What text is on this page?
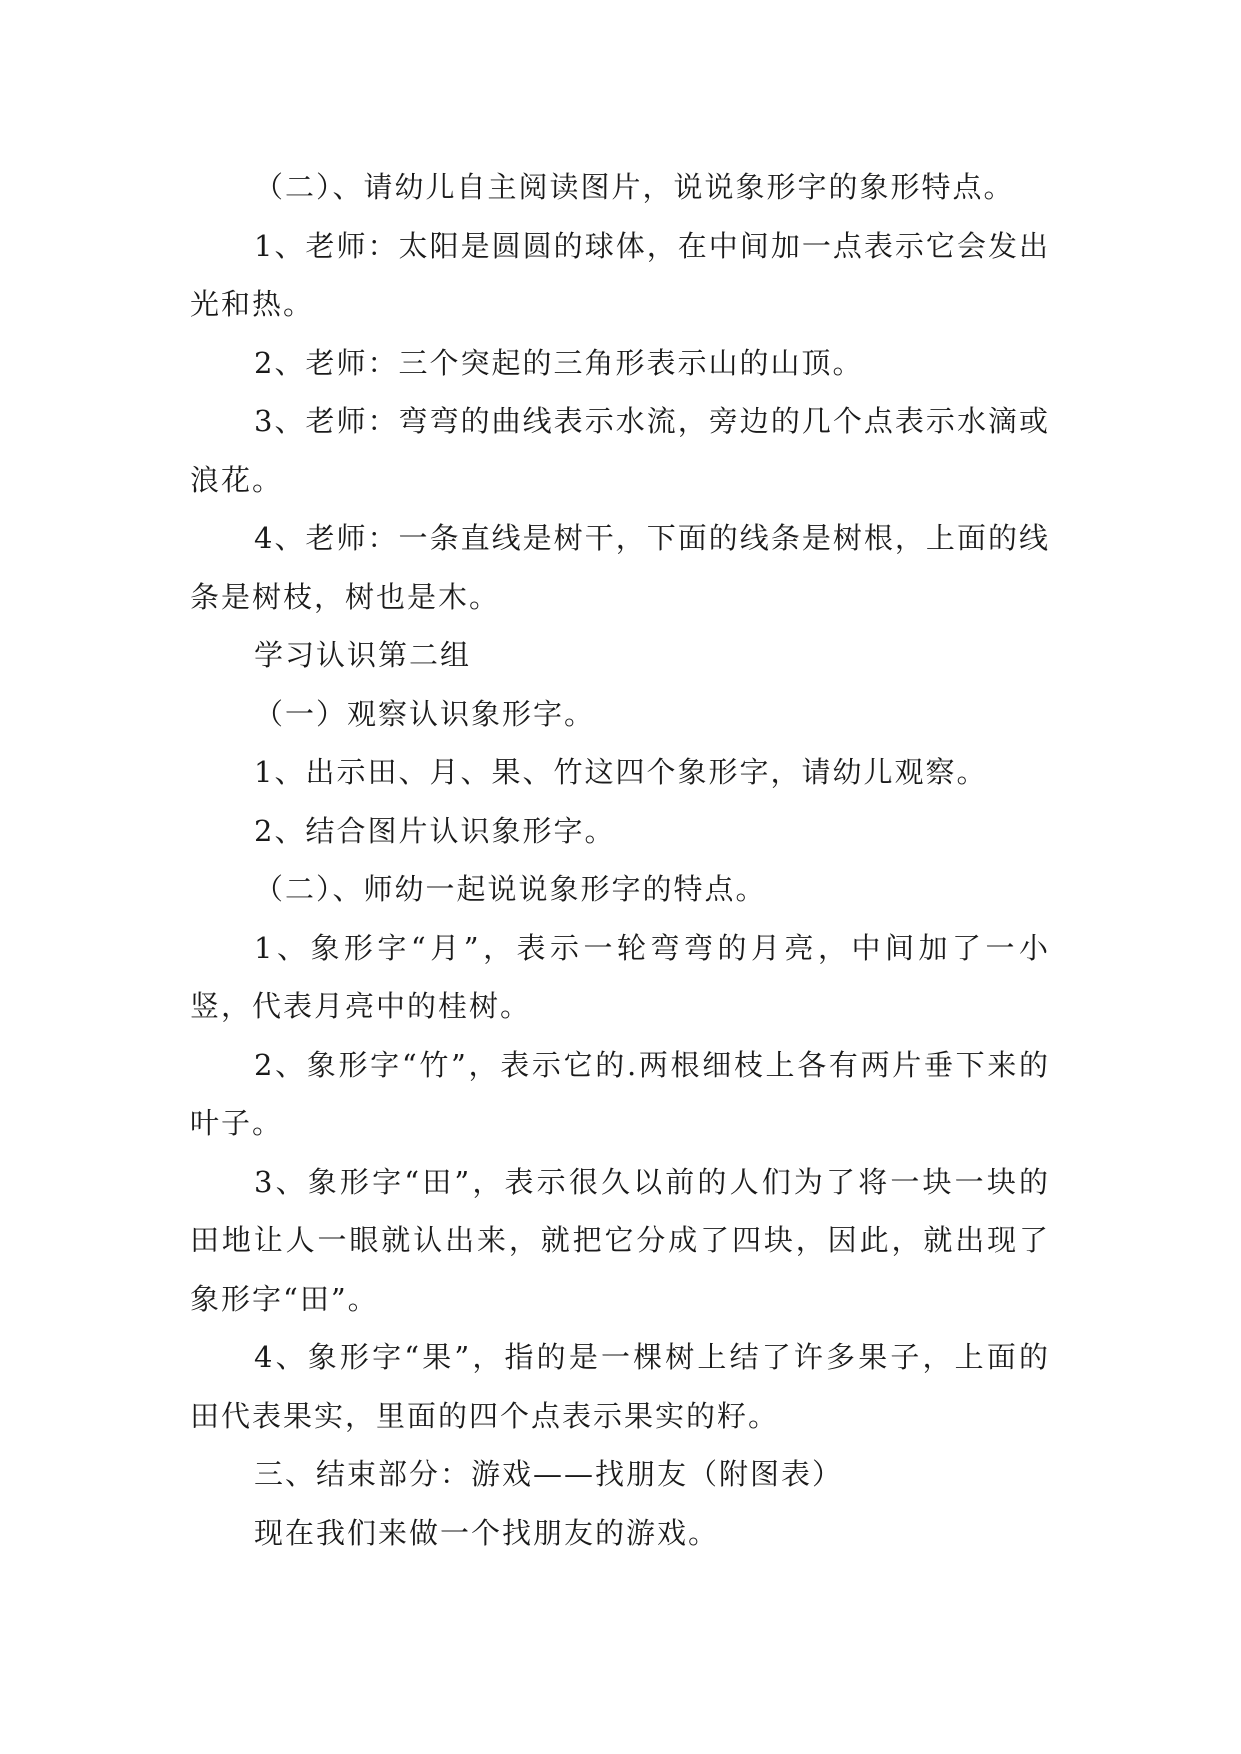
（二）、请幼儿自主阅读图片，说说象形字的象形特点。

1、老师：太阳是圆圆的球体，在中间加一点表示它会发出光和热。

2、老师：三个突起的三角形表示山的山顶。

3、老师：弯弯的曲线表示水流，旁边的几个点表示水滴或浪花。

4、老师：一条直线是树干，下面的线条是树根，上面的线条是树枝，树也是木。

学习认识第二组

（一）观察认识象形字。

1、出示田、月、果、竹这四个象形字，请幼儿观察。

2、结合图片认识象形字。

（二）、师幼一起说说象形字的特点。

1、象形字“月”，表示一轮弯弯的月亮，中间加了一小竖，代表月亮中的桂树。

2、象形字“竹”，表示它的.两根细枝上各有两片垂下来的叶子。

3、象形字“田”，表示很久以前的人们为了将一块一块的田地让人一眼就认出来，就把它分成了四块，因此，就出现了象形字“田”。

4、象形字“果”，指的是一棵树上结了许多果子，上面的田代表果实，里面的四个点表示果实的籽。

三、结束部分：游戏——找朋友（附图表）

现在我们来做一个找朋友的游戏。
